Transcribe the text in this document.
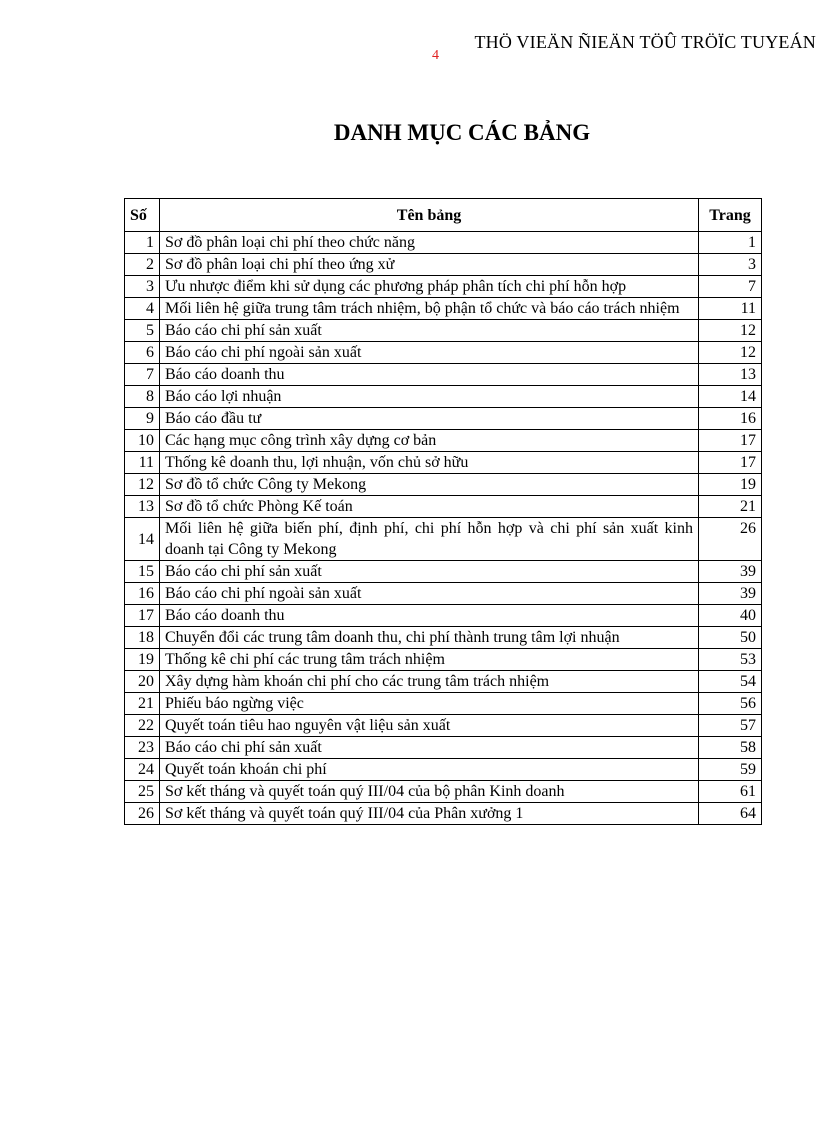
THÖ VIEÄN ÑIEÄN TÖÛ TRÖÏC TUYEÁN
4
DANH MỤC CÁC BẢNG
Số	Tên bảng	Trang
1	Sơ đồ phân loại chi phí theo chức năng	1
2	Sơ đồ phân loại chi phí theo ứng xử	3
3	Ưu nhược điểm khi sử dụng các phương pháp phân tích chi phí hỗn hợp	7
4	Mối liên hệ giữa trung tâm trách nhiệm, bộ phận tổ chức và báo cáo trách nhiệm	11
5	Báo cáo chi phí sản xuất	12
6	Báo cáo chi phí ngoài sản xuất	12
7	Báo cáo doanh thu	13
8	Báo cáo lợi nhuận	14
9	Báo cáo đầu tư	16
10	Các hạng mục công trình xây dựng cơ bản	17
11	Thống kê doanh thu, lợi nhuận, vốn chủ sở hữu	17
12	Sơ đồ tổ chức Công ty Mekong	19
13	Sơ đồ tổ chức Phòng Kế toán	21
14	Mối liên hệ giữa biến phí, định phí, chi phí hỗn hợp và chi phí sản xuất kinh doanh tại Công ty Mekong	26
15	Báo cáo chi phí sản xuất	39
16	Báo cáo chi phí ngoài sản xuất	39
17	Báo cáo doanh thu	40
18	Chuyển đổi các trung tâm doanh thu, chi phí thành trung tâm lợi nhuận	50
19	Thống kê chi phí các trung tâm trách nhiệm	53
20	Xây dựng hàm khoán chi phí cho các trung tâm trách nhiệm	54
21	Phiếu báo ngừng việc	56
22	Quyết toán tiêu hao nguyên vật liệu sản xuất	57
23	Báo cáo chi phí sản xuất	58
24	Quyết toán khoán chi phí	59
25	Sơ kết tháng và quyết toán quý III/04 của bộ phân Kinh doanh	61
26	Sơ kết tháng và quyết toán quý III/04 của Phân xưởng 1	64
